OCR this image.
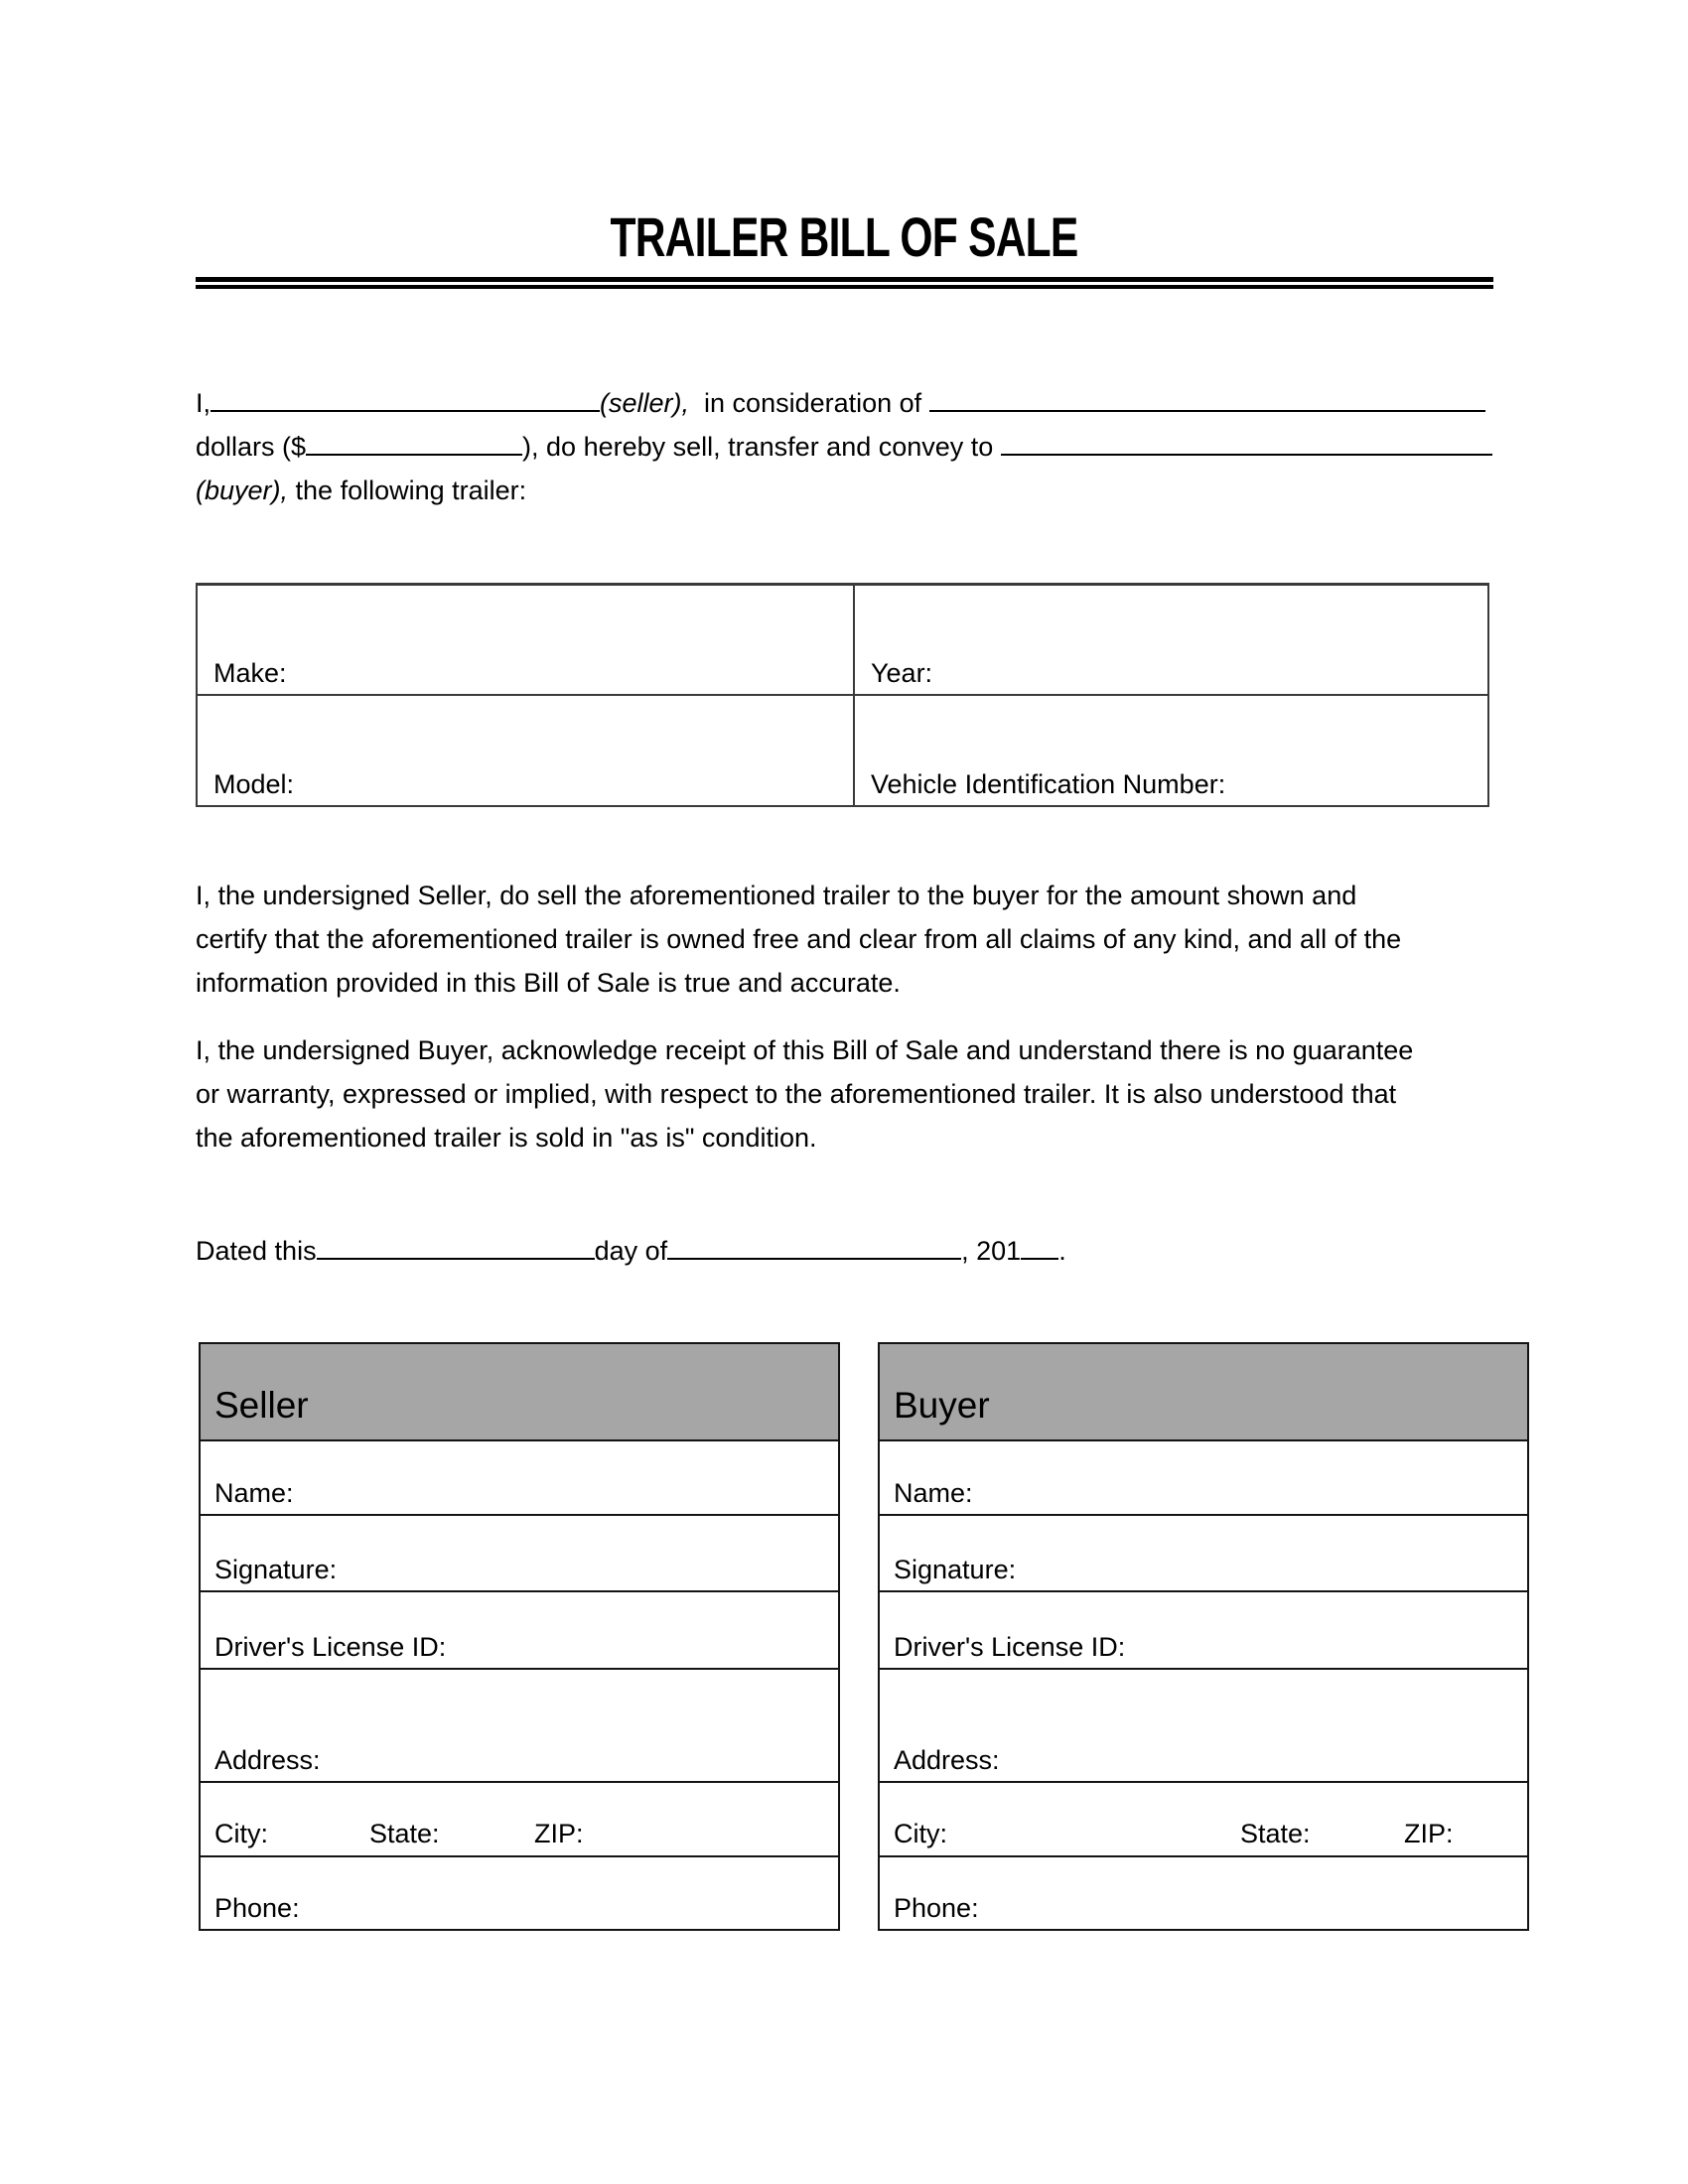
TRAILER BILL OF SALE
I,	(seller),  in consideration of
dollars ($	), do hereby sell, transfer and convey to
(buyer), the following trailer:
Make:	Year:
Model:	Vehicle Identification Number:
I, the undersigned Seller, do sell the aforementioned trailer to the buyer for the amount shown and
certify that the aforementioned trailer is owned free and clear from all claims of any kind, and all of the
information provided in this Bill of Sale is true and accurate.
I, the undersigned Buyer, acknowledge receipt of this Bill of Sale and understand there is no guarantee
or warranty, expressed or implied, with respect to the aforementioned trailer. It is also understood that
the aforementioned trailer is sold in "as is" condition.
Dated this	day of	, 201 .
Seller
Name:
Signature:
Driver's License ID:
Address:
City:	State:	ZIP:
Phone:
Buyer
Name:
Signature:
Driver's License ID:
Address:
City:	State:	ZIP:
Phone:
